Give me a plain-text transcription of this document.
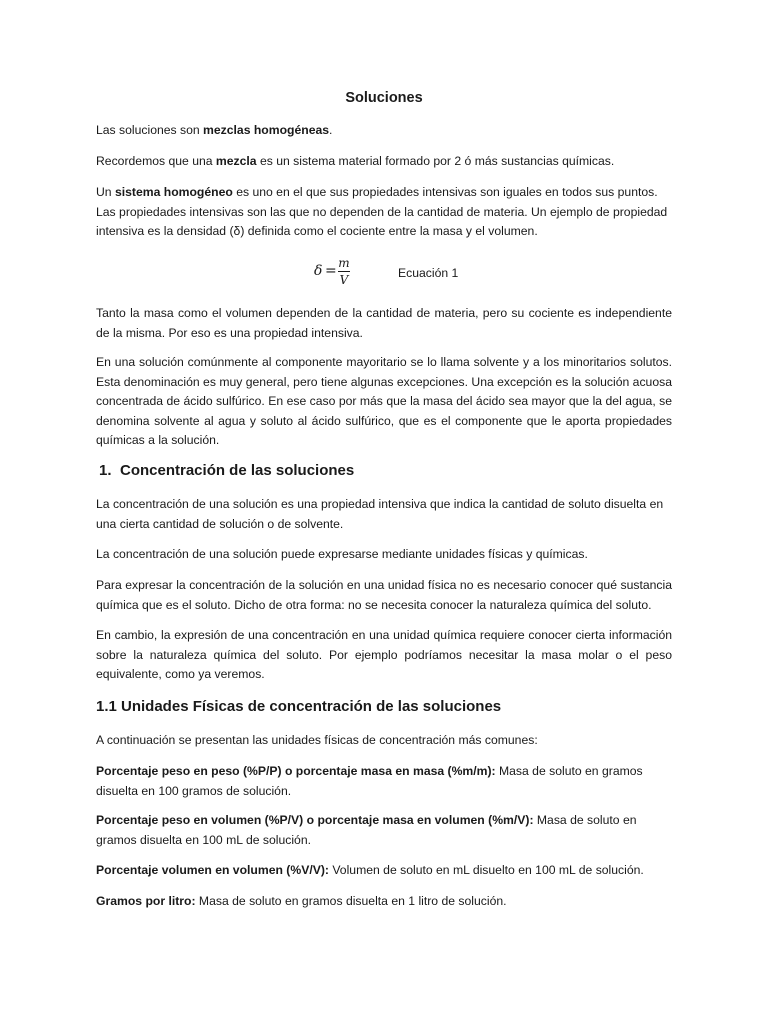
Soluciones

Las soluciones son mezclas homogéneas.

Recordemos que una mezcla es un sistema material formado por 2 ó más sustancias químicas.

Un sistema homogéneo es uno en el que sus propiedades intensivas son iguales en todos sus puntos. Las propiedades intensivas son las que no dependen de la cantidad de materia. Un ejemplo de propiedad intensiva es la densidad (δ) definida como el cociente entre la masa y el volumen.

δ = m
V	Ecuación 1

Tanto la masa como el volumen dependen de la cantidad de materia, pero su cociente es independiente de la misma. Por eso es una propiedad intensiva.

En una solución comúnmente al componente mayoritario se lo llama solvente y a los minoritarios solutos. Esta denominación es muy general, pero tiene algunas excepciones. Una excepción es la solución acuosa concentrada de ácido sulfúrico. En ese caso por más que la masa del ácido sea mayor que la del agua, se denomina solvente al agua y soluto al ácido sulfúrico, que es el componente que le aporta propiedades químicas a la solución.

1. Concentración de las soluciones

La concentración de una solución es una propiedad intensiva que indica la cantidad de soluto disuelta en una cierta cantidad de solución o de solvente.

La concentración de una solución puede expresarse mediante unidades físicas y químicas.

Para expresar la concentración de la solución en una unidad física no es necesario conocer qué sustancia química que es el soluto. Dicho de otra forma: no se necesita conocer la naturaleza química del soluto.

En cambio, la expresión de una concentración en una unidad química requiere conocer cierta información sobre la naturaleza química del soluto. Por ejemplo podríamos necesitar la masa molar o el peso equivalente, como ya veremos.

1.1 Unidades Físicas de concentración de las soluciones

A continuación se presentan las unidades físicas de concentración más comunes:

Porcentaje peso en peso (%P/P) o porcentaje masa en masa (%m/m): Masa de soluto en gramos disuelta en 100 gramos de solución.

Porcentaje peso en volumen (%P/V) o porcentaje masa en volumen (%m/V): Masa de soluto en gramos disuelta en 100 mL de solución.

Porcentaje volumen en volumen (%V/V): Volumen de soluto en mL disuelto en 100 mL de solución.

Gramos por litro: Masa de soluto en gramos disuelta en 1 litro de solución.
